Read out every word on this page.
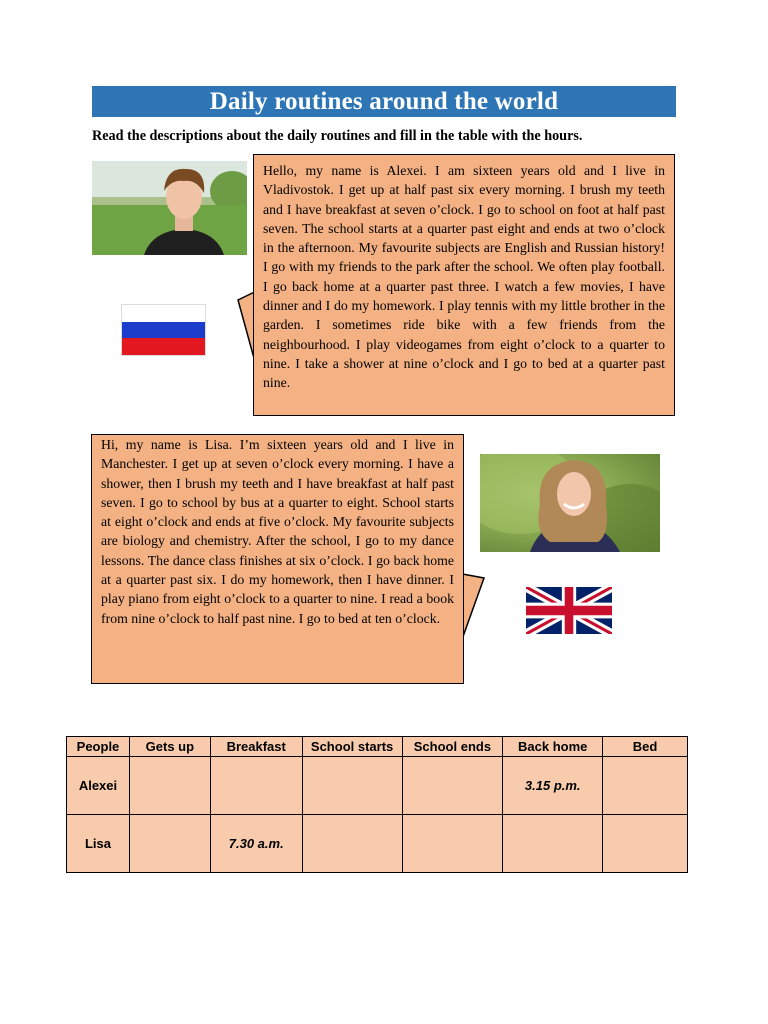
Daily routines around the world
Read the descriptions about the daily routines and fill in the table with the hours.
Hello, my name is Alexei. I am sixteen years old and I live in Vladivostok. I get up at half past six every morning. I brush my teeth and I have breakfast at seven o’clock. I go to school on foot at half past seven. The school starts at a quarter past eight and ends at two o’clock in the afternoon. My favourite subjects are English and Russian history! I go with my friends to the park after the school. We often play football. I go back home at a quarter past three. I watch a few movies, I have dinner and I do my homework. I play tennis with my little brother in the garden. I sometimes ride bike with a few friends from the neighbourhood. I play videogames from eight o’clock to a quarter to nine. I take a shower at nine o’clock and I go to bed at a quarter past nine.
Hi, my name is Lisa. I’m sixteen years old and I live in Manchester. I get up at seven o’clock every morning. I have a shower, then I brush my teeth and I have breakfast at half past seven. I go to school by bus at a quarter to eight. School starts at eight o’clock and ends at five o’clock. My favourite subjects are biology and chemistry. After the school, I go to my dance lessons. The dance class finishes at six o’clock. I go back home at a quarter past six. I do my homework, then I have dinner. I play piano from eight o’clock to a quarter to nine. I read a book from nine o’clock to half past nine. I go to bed at ten o’clock.
People	Gets up	Breakfast	School starts	School ends	Back home	Bed
Alexei					3.15 p.m.	
Lisa		7.30 a.m.				
